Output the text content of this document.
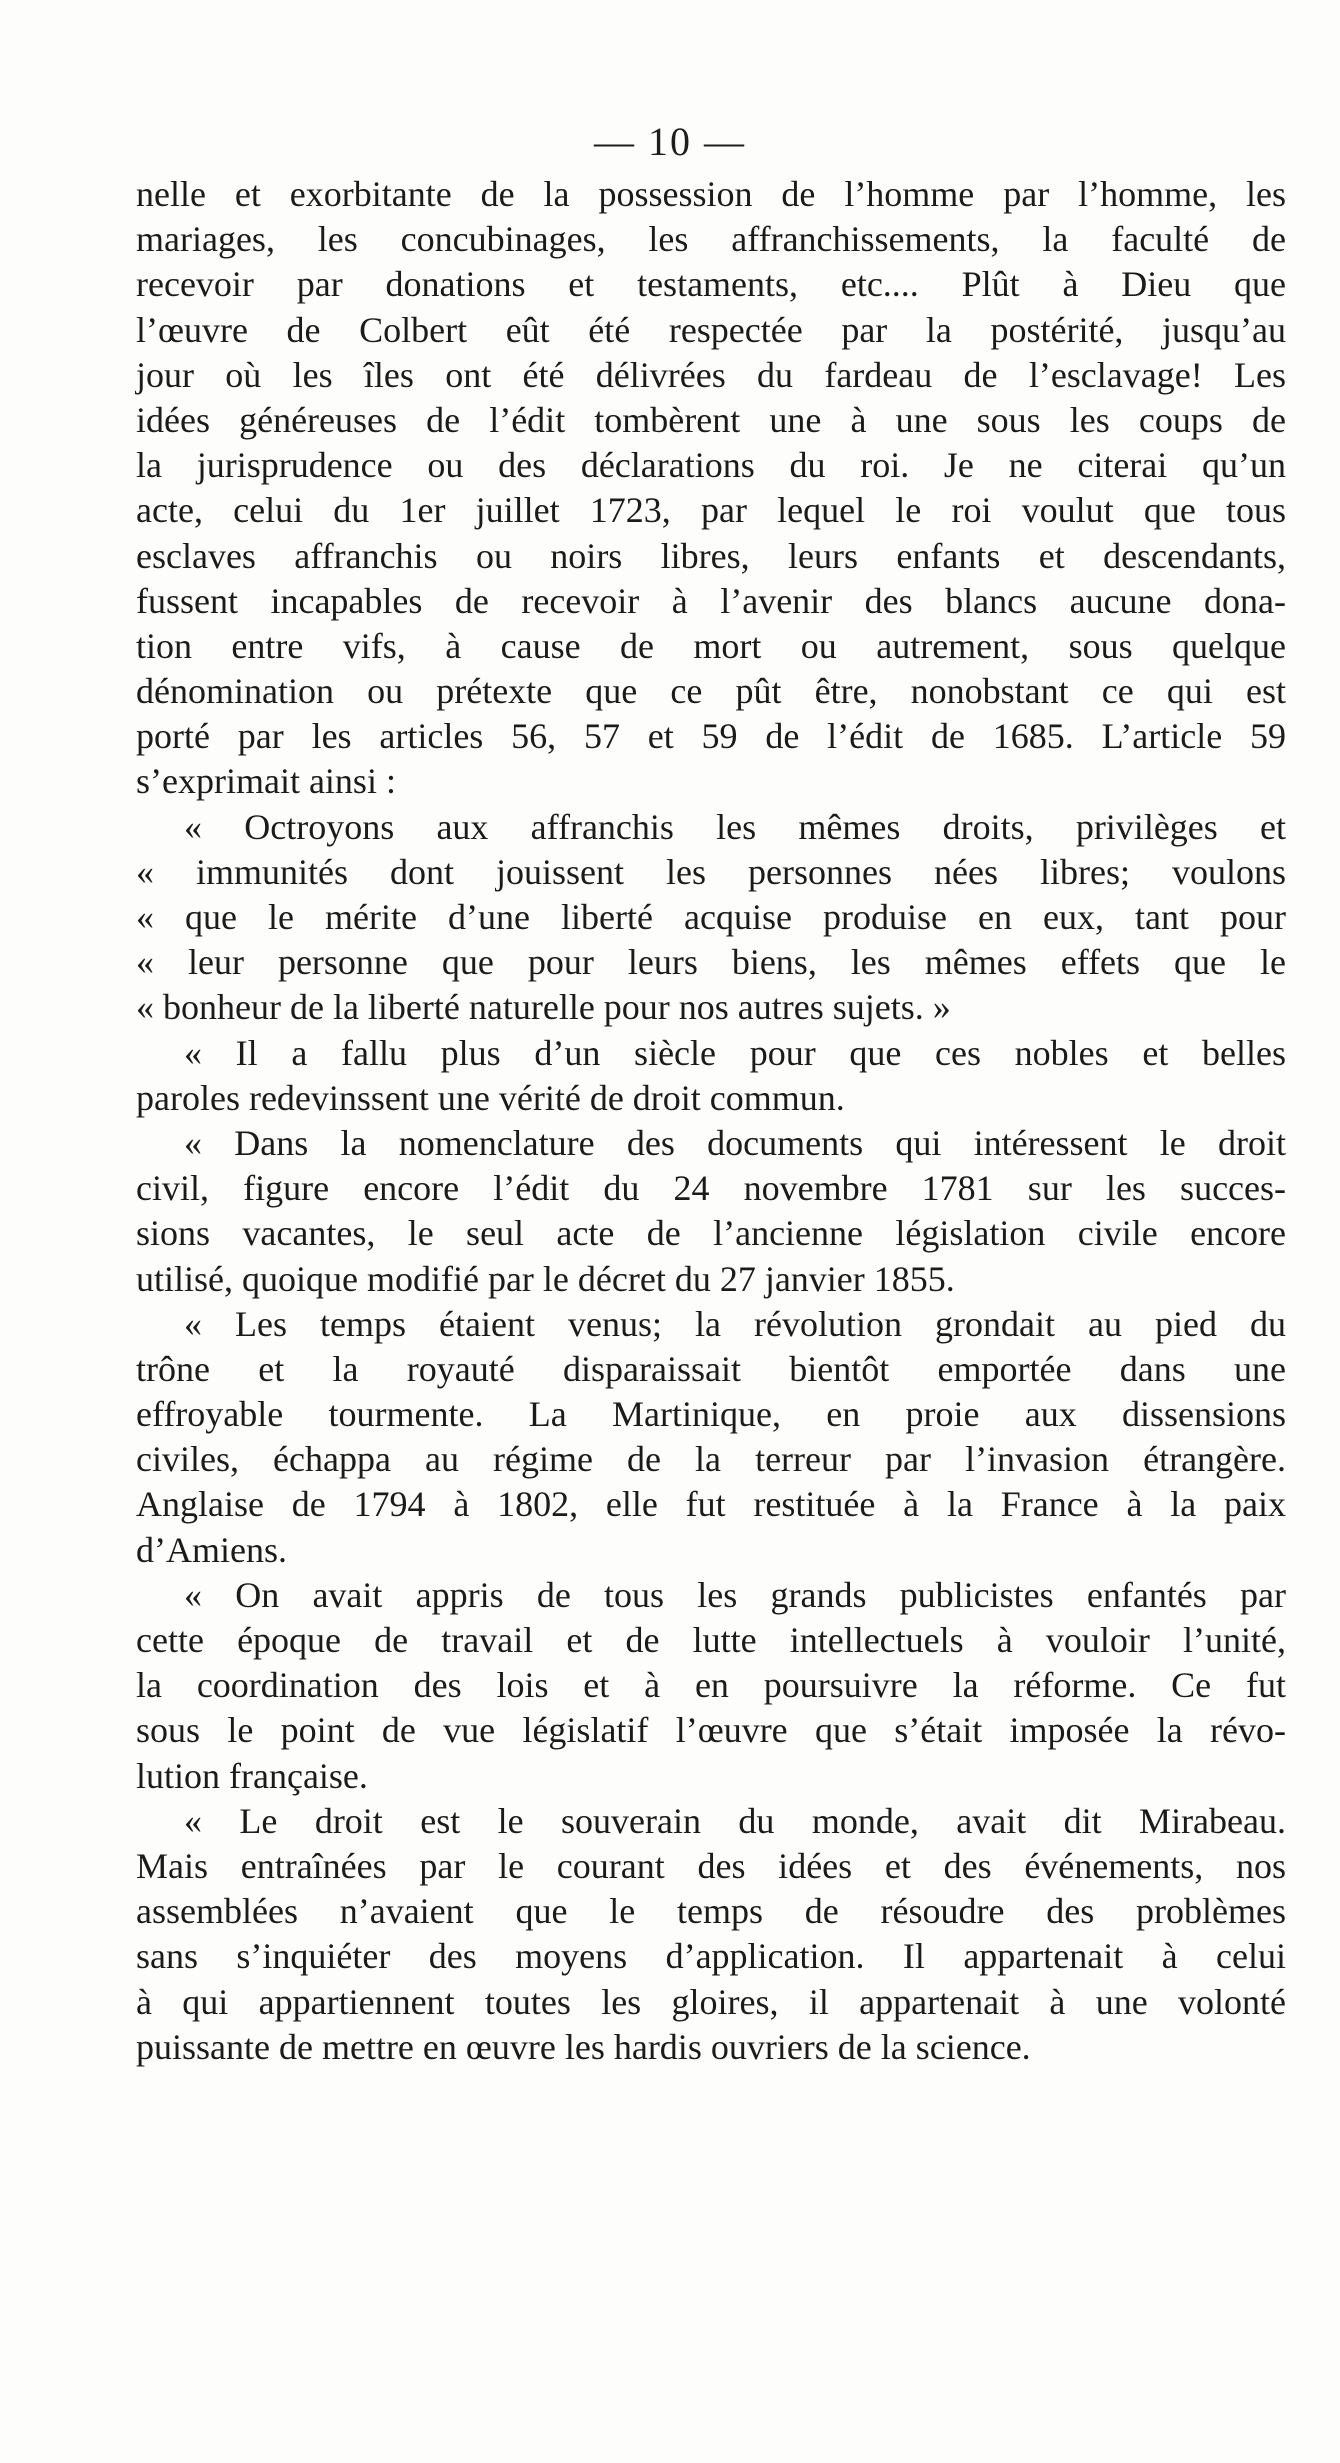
— 10 —
nelle et exorbitante de la possession de l’homme par l’homme, les
mariages, les concubinages, les affranchissements, la faculté de
recevoir par donations et testaments, etc.... Plût à Dieu que
l’œuvre de Colbert eût été respectée par la postérité, jusqu’au
jour où les îles ont été délivrées du fardeau de l’esclavage! Les
idées généreuses de l’édit tombèrent une à une sous les coups de
la jurisprudence ou des déclarations du roi. Je ne citerai qu’un
acte, celui du 1er juillet 1723, par lequel le roi voulut que tous
esclaves affranchis ou noirs libres, leurs enfants et descendants,
fussent incapables de recevoir à l’avenir des blancs aucune dona-
tion entre vifs, à cause de mort ou autrement, sous quelque
dénomination ou prétexte que ce pût être, nonobstant ce qui est
porté par les articles 56, 57 et 59 de l’édit de 1685. L’article 59
s’exprimait ainsi :
« Octroyons aux affranchis les mêmes droits, privilèges et
« immunités dont jouissent les personnes nées libres; voulons
« que le mérite d’une liberté acquise produise en eux, tant pour
« leur personne que pour leurs biens, les mêmes effets que le
« bonheur de la liberté naturelle pour nos autres sujets. »
« Il a fallu plus d’un siècle pour que ces nobles et belles
paroles redevinssent une vérité de droit commun.
« Dans la nomenclature des documents qui intéressent le droit
civil, figure encore l’édit du 24 novembre 1781 sur les succes-
sions vacantes, le seul acte de l’ancienne législation civile encore
utilisé, quoique modifié par le décret du 27 janvier 1855.
« Les temps étaient venus; la révolution grondait au pied du
trône et la royauté disparaissait bientôt emportée dans une
effroyable tourmente. La Martinique, en proie aux dissensions
civiles, échappa au régime de la terreur par l’invasion étrangère.
Anglaise de 1794 à 1802, elle fut restituée à la France à la paix
d’Amiens.
« On avait appris de tous les grands publicistes enfantés par
cette époque de travail et de lutte intellectuels à vouloir l’unité,
la coordination des lois et à en poursuivre la réforme. Ce fut
sous le point de vue législatif l’œuvre que s’était imposée la révo-
lution française.
« Le droit est le souverain du monde, avait dit Mirabeau.
Mais entraînées par le courant des idées et des événements, nos
assemblées n’avaient que le temps de résoudre des problèmes
sans s’inquiéter des moyens d’application. Il appartenait à celui
à qui appartiennent toutes les gloires, il appartenait à une volonté
puissante de mettre en œuvre les hardis ouvriers de la science.
